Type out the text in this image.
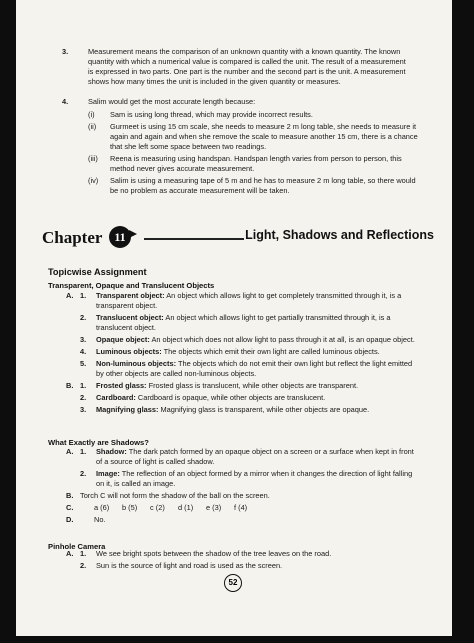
3.	Measurement means the comparison of an unknown quantity with a known quantity. The known

quantity with which a numerical value is compared is called the unit. The result of a measurement

is expressed in two parts. One part is the number and the second part is the unit. A measurement

shows how many times the unit is included in the given quantity or measures.

4.	Salim would get the most accurate length because:

(i)	Sam is using long thread, which may provide incorrect results.

(ii)	Gurmeet is using 15 cm scale, she needs to measure 2 m long table, she needs to measure it

again and again and when she remove the scale to measure another 15 cm, there is a chance

that she left some space between two readings.

(iii)	Reena is measuring using handspan. Handspan length varies from person to person, this

method never gives accurate measurement.

(iv)	Salim is using a measuring tape of 5 m and he has to measure 2 m long table, so there would

be no problem as accurate measurement will be taken.

Chapter 11	Light, Shadows and Reflections
Topicwise Assignment
Transparent, Opaque and Translucent Objects
A. 1.	Transparent object: An object which allows light to get completely transmitted through it, is a

transparent object.

2.	Translucent object: An object which allows light to get partially transmitted through it, is a

translucent object.

3.	Opaque object: An object which does not allow light to pass through it at all, is an opaque object.

4.	Luminous objects: The objects which emit their own light are called luminous objects.

5.	Non-luminous objects: The objects which do not emit their own light but reflect the light emitted

by other objects are called non-luminous objects.

B. 1.	Frosted glass: Frosted glass is translucent, while other objects are transparent.

2.	Cardboard: Cardboard is opaque, while other objects are translucent.

3.	Magnifying glass: Magnifying glass is transparent, while other objects are opaque.

What Exactly are Shadows?
A. 1.	Shadow: The dark patch formed by an opaque object on a screen or a surface when kept in front

of a source of light is called shadow.

2.	Image: The reflection of an object formed by a mirror when it changes the direction of light falling

on it, is called an image.

B. Torch C will not form the shadow of the ball on the screen.
C.	a (6)	b (5)	c (2)	d (1)	e (3)	f (4)
D.	No.
Pinhole Camera
A. 1.	We see bright spots between the shadow of the tree leaves on the road.
2.	Sun is the source of light and road is used as the screen.
52
